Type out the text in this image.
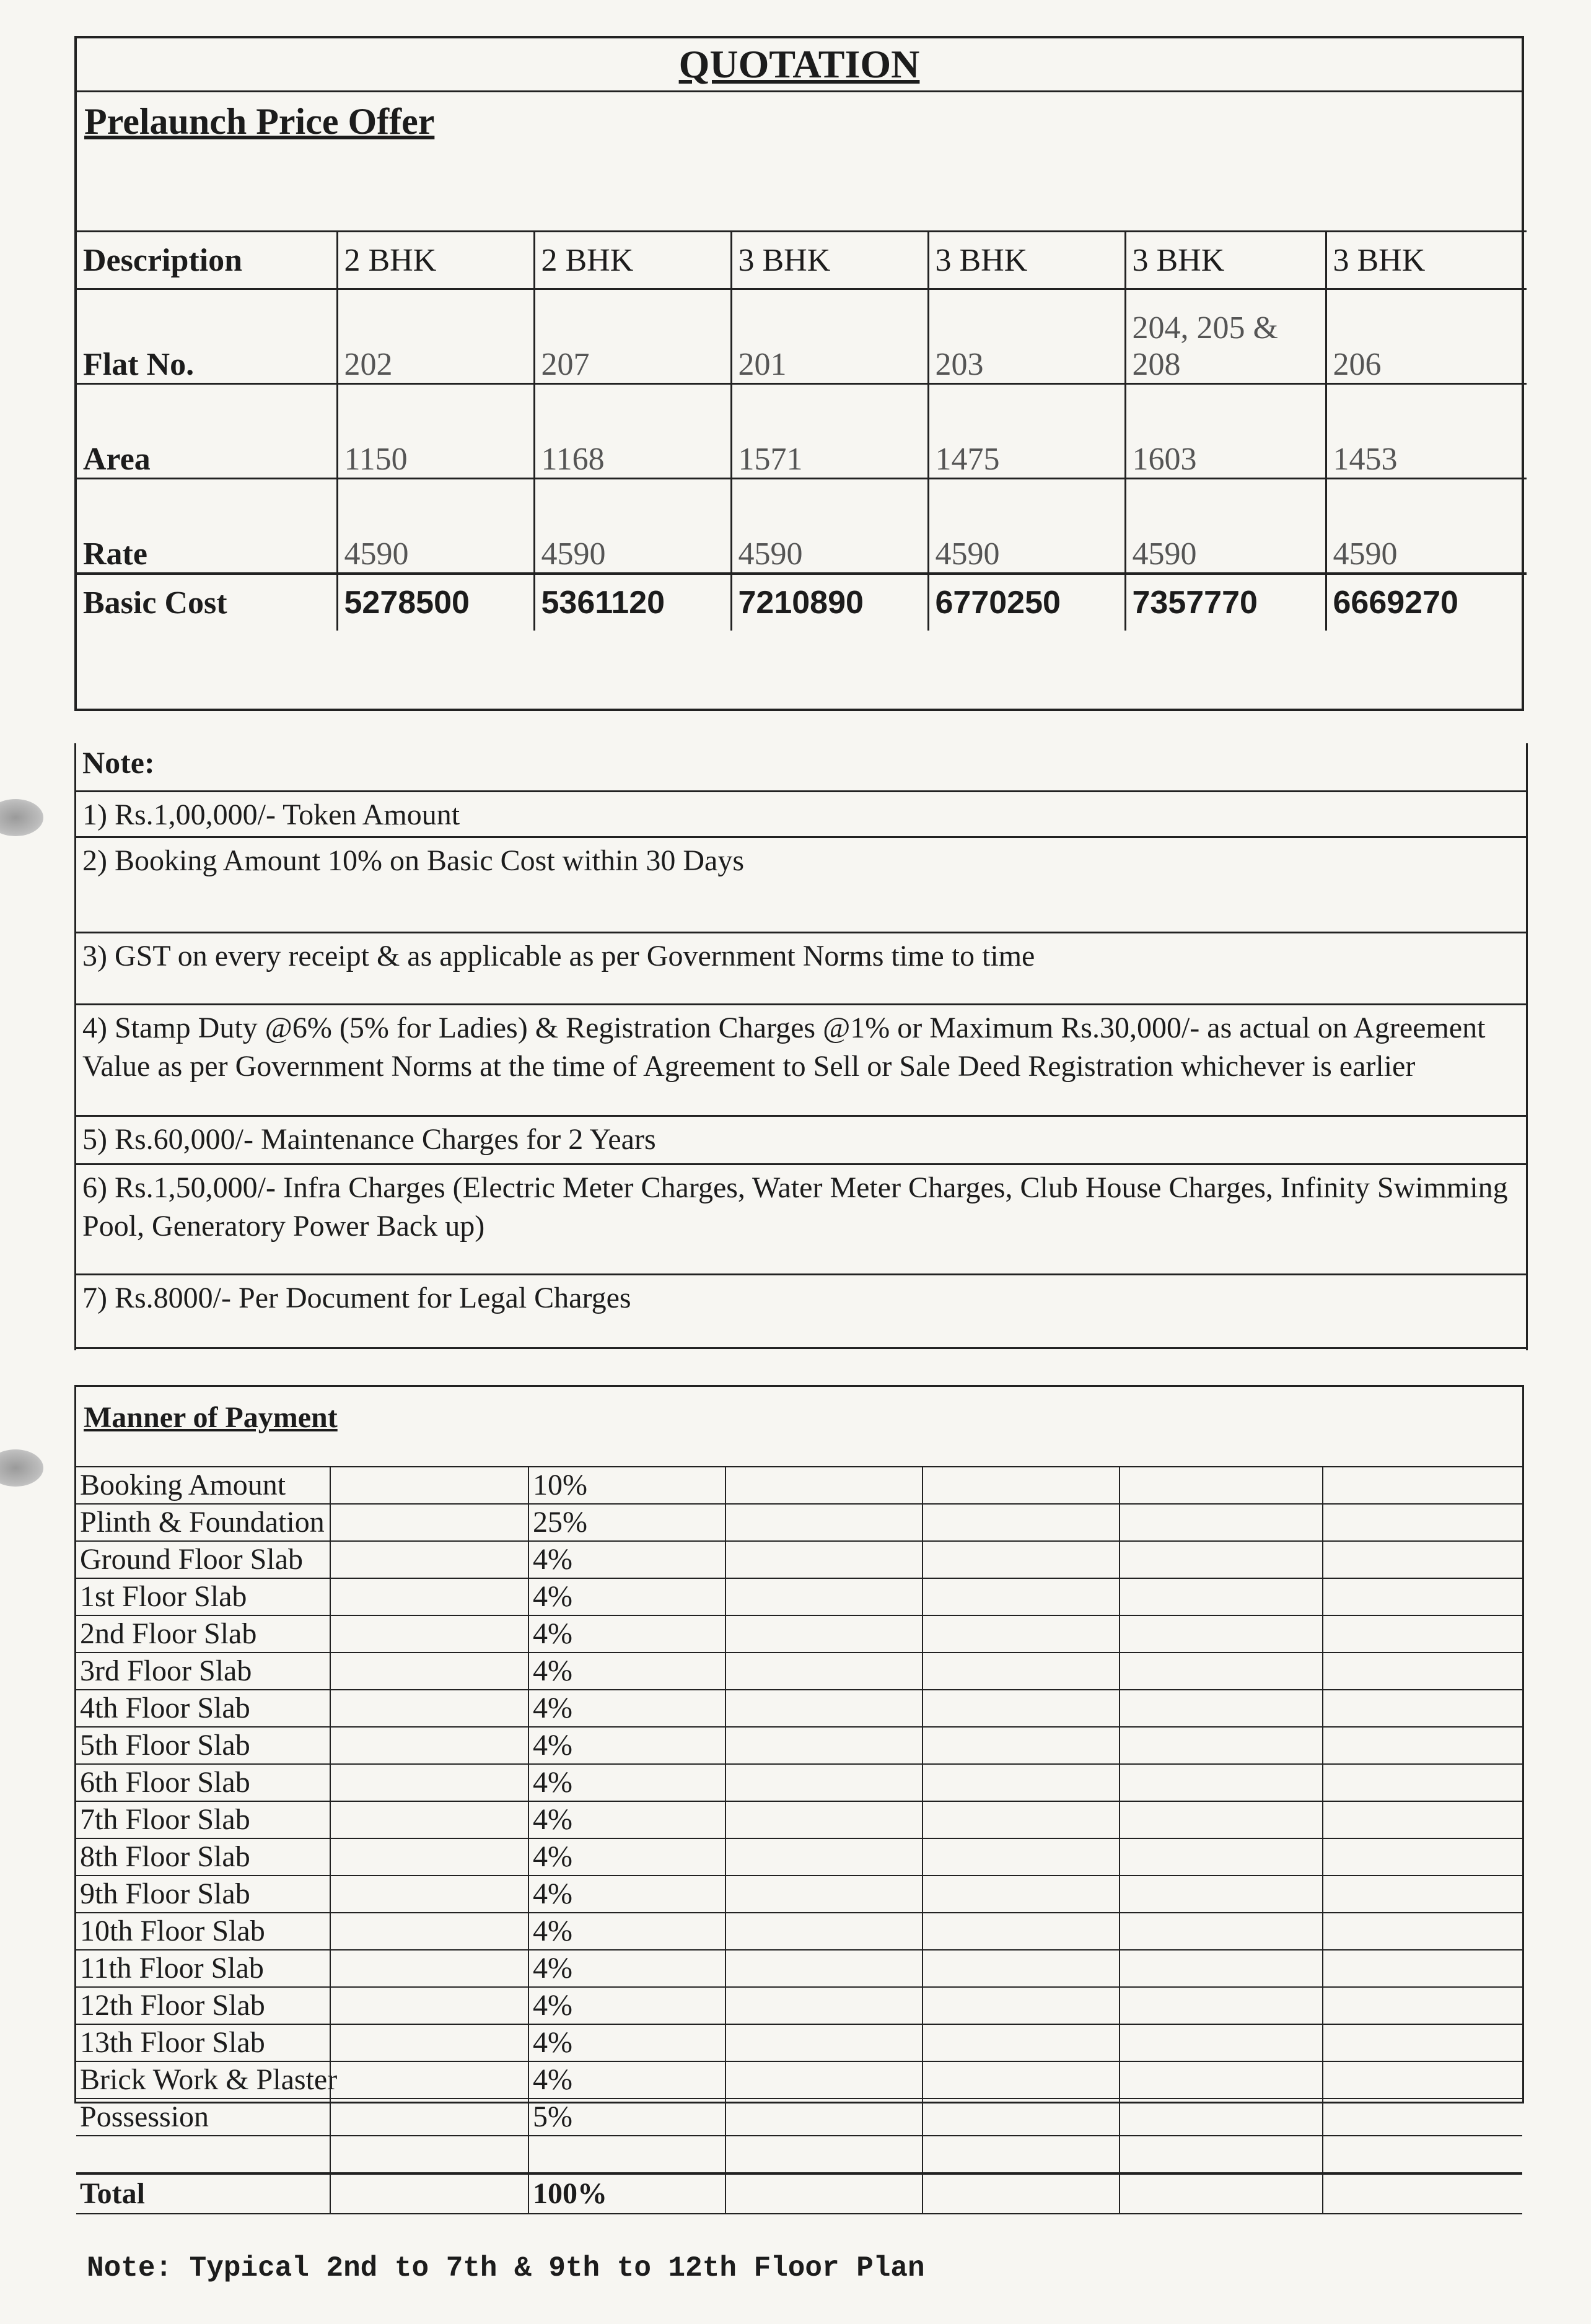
QUOTATION
Prelaunch Price Offer
Description	2 BHK	2 BHK	3 BHK	3 BHK	3 BHK	3 BHK
Flat No.	202	207	201	203	204, 205 & 208	206
Area	1150	1168	1571	1475	1603	1453
Rate	4590	4590	4590	4590	4590	4590
Basic Cost	5278500	5361120	7210890	6770250	7357770	6669270
Note:
1) Rs.1,00,000/- Token Amount
2) Booking Amount 10% on Basic Cost within 30 Days
3) GST on every receipt & as applicable as per Government Norms time to time
4) Stamp Duty @6% (5% for Ladies) & Registration Charges @1% or Maximum Rs.30,000/- as actual on Agreement Value as per Government Norms at the time of Agreement to Sell or Sale Deed Registration whichever is earlier
5) Rs.60,000/- Maintenance Charges for 2 Years
6) Rs.1,50,000/- Infra Charges (Electric Meter Charges, Water Meter Charges, Club House Charges, Infinity Swimming Pool, Generatory Power Back up)
7) Rs.8000/- Per Document for Legal Charges
Manner of Payment
Booking Amount		10%				
Plinth & Foundation		25%				
Ground Floor Slab		4%				
1st Floor Slab		4%				
2nd Floor Slab		4%				
3rd Floor Slab		4%				
4th Floor Slab		4%				
5th Floor Slab		4%				
6th Floor Slab		4%				
7th Floor Slab		4%				
8th Floor Slab		4%				
9th Floor Slab		4%				
10th Floor Slab		4%				
11th Floor Slab		4%				
12th Floor Slab		4%				
13th Floor Slab		4%				
Brick Work & Plaster		4%				
Possession		5%				

Total		100%				
Note: Typical 2nd to 7th & 9th to 12th Floor Plan
